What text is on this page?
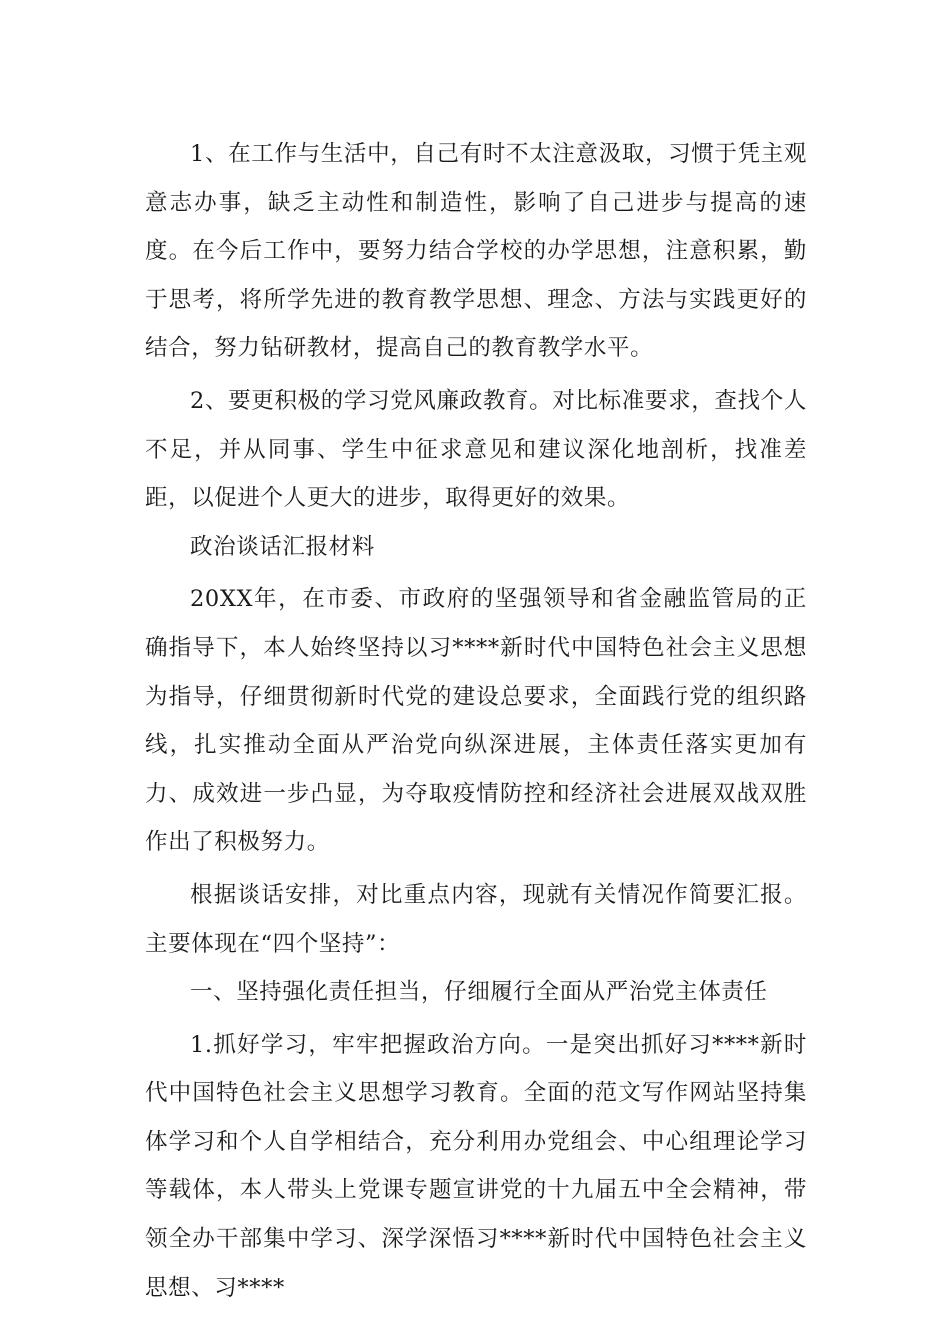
1、在工作与生活中，自己有时不太注意汲取，习惯于凭主观意志办事，缺乏主动性和制造性，影响了自己进步与提高的速度。在今后工作中，要努力结合学校的办学思想，注意积累，勤于思考，将所学先进的教育教学思想、理念、方法与实践更好的结合，努力钻研教材，提高自己的教育教学水平。

2、要更积极的学习党风廉政教育。对比标准要求，查找个人不足，并从同事、学生中征求意见和建议深化地剖析，找准差距，以促进个人更大的进步，取得更好的效果。

政治谈话汇报材料

20XX年，在市委、市政府的坚强领导和省金融监管局的正确指导下，本人始终坚持以习****新时代中国特色社会主义思想为指导，仔细贯彻新时代党的建设总要求，全面践行党的组织路线，扎实推动全面从严治党向纵深进展，主体责任落实更加有力、成效进一步凸显，为夺取疫情防控和经济社会进展双战双胜作出了积极努力。

根据谈话安排，对比重点内容，现就有关情况作简要汇报。主要体现在“四个坚持”：

一、坚持强化责任担当，仔细履行全面从严治党主体责任

1.抓好学习，牢牢把握政治方向。一是突出抓好习****新时代中国特色社会主义思想学习教育。全面的范文写作网站坚持集体学习和个人自学相结合，充分利用办党组会、中心组理论学习等载体，本人带头上党课专题宣讲党的十九届五中全会精神，带领全办干部集中学习、深学深悟习****新时代中国特色社会主义思想、习****
